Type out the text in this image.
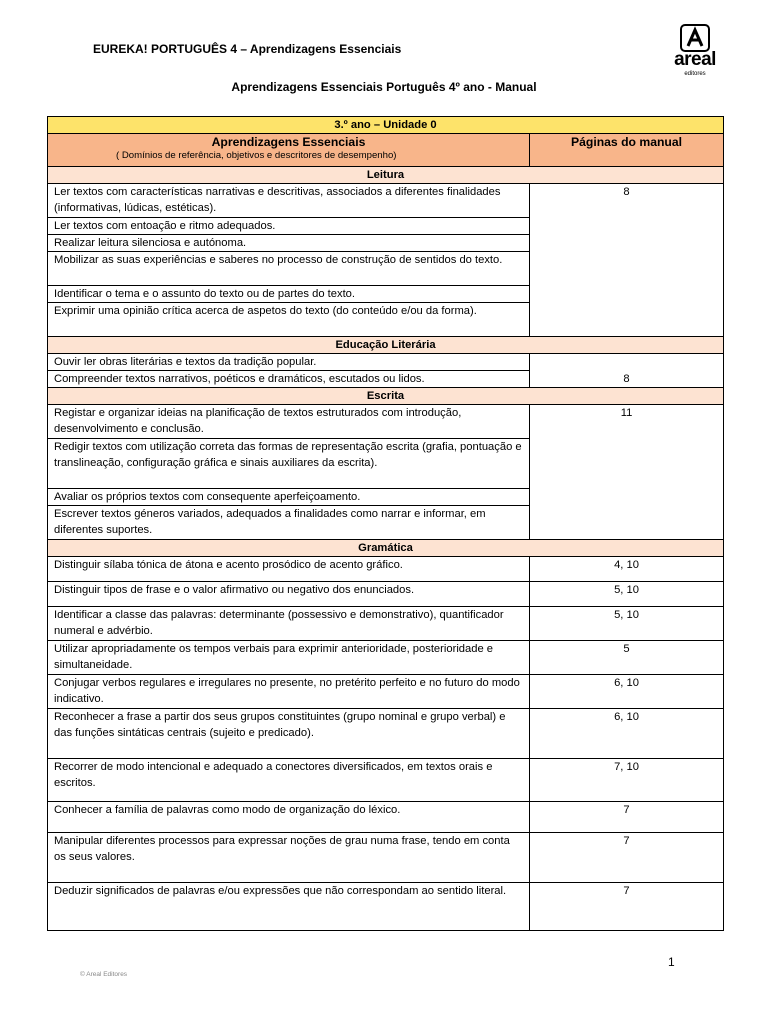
EUREKA! PORTUGUÊS 4 – Aprendizagens Essenciais	areal
editores
Aprendizagens Essenciais Português 4º ano - Manual
3.º ano – Unidade 0	
Aprendizagens Essenciais
( Domínios de referência, objetivos e descritores de desempenho)	Páginas do manual
Leitura	
Ler textos com características narrativas e descritivas, associados a diferentes finalidades (informativas, lúdicas, estéticas).	8
Ler textos com entoação e ritmo adequados.	
Realizar leitura silenciosa e autónoma.	
Mobilizar as suas experiências e saberes no processo de construção de sentidos do texto.	
Identificar o tema e o assunto do texto ou de partes do texto.	
Exprimir uma opinião crítica acerca de aspetos do texto (do conteúdo e/ou da forma).	
Educação Literária	
Ouvir ler obras literárias e textos da tradição popular.	8
Compreender textos narrativos, poéticos e dramáticos, escutados ou lidos.	
Escrita	
Registar e organizar ideias na planificação de textos estruturados com introdução, desenvolvimento e conclusão.	11
Redigir textos com utilização correta das formas de representação escrita (grafia, pontuação e translineação, configuração gráfica e sinais auxiliares da escrita).	
Avaliar os próprios textos com consequente aperfeiçoamento.	
Escrever textos géneros variados, adequados a finalidades como narrar e informar, em diferentes suportes.	
Gramática	
Distinguir sílaba tónica de átona e acento prosódico de acento gráfico.	4, 10
Distinguir tipos de frase e o valor afirmativo ou negativo dos enunciados.	5, 10
Identificar a classe das palavras: determinante (possessivo e demonstrativo), quantificador numeral e advérbio.	5, 10
Utilizar apropriadamente os tempos verbais para exprimir anterioridade, posterioridade e simultaneidade.	5
Conjugar verbos regulares e irregulares no presente, no pretérito perfeito e no futuro do modo indicativo.	6, 10
Reconhecer a frase a partir dos seus grupos constituintes (grupo nominal e grupo verbal) e das funções sintáticas centrais (sujeito e predicado).	6, 10
Recorrer de modo intencional e adequado a conectores diversificados, em textos orais e escritos.	7, 10
Conhecer a família de palavras como modo de organização do léxico.	7
Manipular diferentes processos para expressar noções de grau numa frase, tendo em conta os seus valores.	7
Deduzir significados de palavras e/ou expressões que não correspondam ao sentido literal.	7
1
© Areal Editores
